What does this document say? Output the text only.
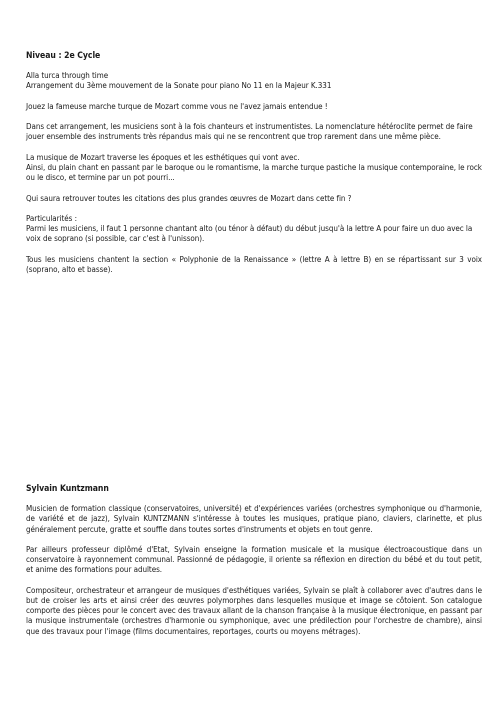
Niveau : 2e Cycle
Alla turca through time
Arrangement du 3ème mouvement de la Sonate pour piano No 11 en la Majeur K.331
Jouez la fameuse marche turque de Mozart comme vous ne l'avez jamais entendue !
Dans cet arrangement, les musiciens sont à la fois chanteurs et instrumentistes. La nomenclature hétéroclite permet de faire jouer ensemble des instruments très répandus mais qui ne se rencontrent que trop rarement dans une même pièce.
La musique de Mozart traverse les époques et les esthétiques qui vont avec.
Ainsi, du plain chant en passant par le baroque ou le romantisme, la marche turque pastiche la musique contemporaine, le rock ou le disco, et termine par un pot pourri...
Qui saura retrouver toutes les citations des plus grandes œuvres de Mozart dans cette fin ?
Particularités :
Parmi les musiciens, il faut 1 personne chantant alto (ou ténor à défaut) du début jusqu'à la lettre A pour faire un duo avec la voix de soprano (si possible, car c'est à l'unisson).
Tous les musiciens chantent la section « Polyphonie de la Renaissance » (lettre A à lettre B) en se répartissant sur 3 voix (soprano, alto et basse).
Sylvain Kuntzmann
Musicien de formation classique (conservatoires, université) et d'expériences variées (orchestres symphonique ou d'harmonie, de variété et de jazz), Sylvain KUNTZMANN s'intéresse à toutes les musiques, pratique piano, claviers, clarinette, et plus généralement percute, gratte et souffle dans toutes sortes d'instruments et objets en tout genre.
Par ailleurs professeur diplômé d'Etat, Sylvain enseigne la formation musicale et la musique électroacoustique dans un conservatoire à rayonnement communal. Passionné de pédagogie, il oriente sa réflexion en direction du bébé et du tout petit, et anime des formations pour adultes.
Compositeur, orchestrateur et arrangeur de musiques d'esthétiques variées, Sylvain se plaît à collaborer avec d'autres dans le but de croiser les arts et ainsi créer des œuvres polymorphes dans lesquelles musique et image se côtoient. Son catalogue comporte des pièces pour le concert avec des travaux allant de la chanson française à la musique électronique, en passant par la musique instrumentale (orchestres d'harmonie ou symphonique, avec une prédilection pour l'orchestre de chambre), ainsi que des travaux pour l'image (films documentaires, reportages, courts ou moyens métrages).
